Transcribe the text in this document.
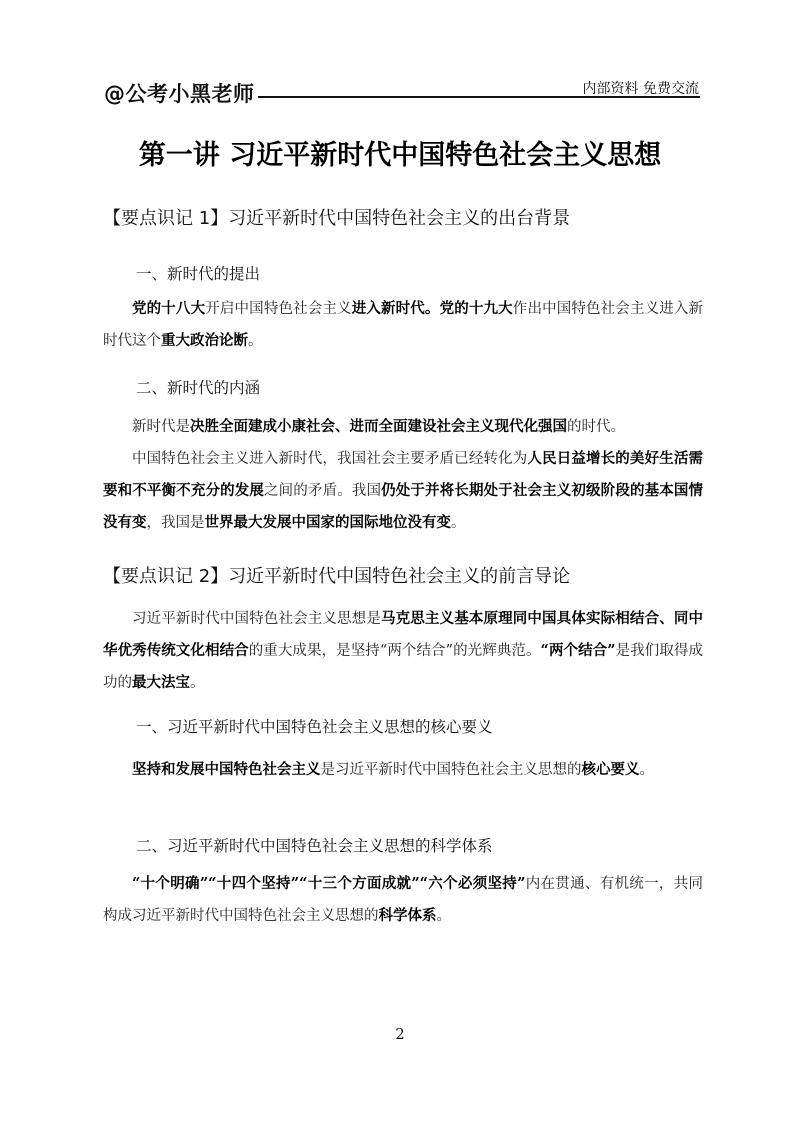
@公考小黑老师	内部资料 免费交流
第一讲 习近平新时代中国特色社会主义思想
【要点识记 1】习近平新时代中国特色社会主义的出台背景
一、新时代的提出

党的十八大开启中国特色社会主义进入新时代。党的十九大作出中国特色社会主义进入新时代这个重大政治论断。

二、新时代的内涵

新时代是决胜全面建成小康社会、进而全面建设社会主义现代化强国的时代。

中国特色社会主义进入新时代，我国社会主要矛盾已经转化为人民日益增长的美好生活需要和不平衡不充分的发展之间的矛盾。我国仍处于并将长期处于社会主义初级阶段的基本国情没有变，我国是世界最大发展中国家的国际地位没有变。

【要点识记 2】习近平新时代中国特色社会主义的前言导论

习近平新时代中国特色社会主义思想是马克思主义基本原理同中国具体实际相结合、同中华优秀传统文化相结合的重大成果，是坚持“两个结合”的光辉典范。“两个结合”是我们取得成功的最大法宝。

一、习近平新时代中国特色社会主义思想的核心要义

坚持和发展中国特色社会主义是习近平新时代中国特色社会主义思想的核心要义。

二、习近平新时代中国特色社会主义思想的科学体系

“十个明确”“十四个坚持”“十三个方面成就”“六个必须坚持”内在贯通、有机统一，共同构成习近平新时代中国特色社会主义思想的科学体系。

2
